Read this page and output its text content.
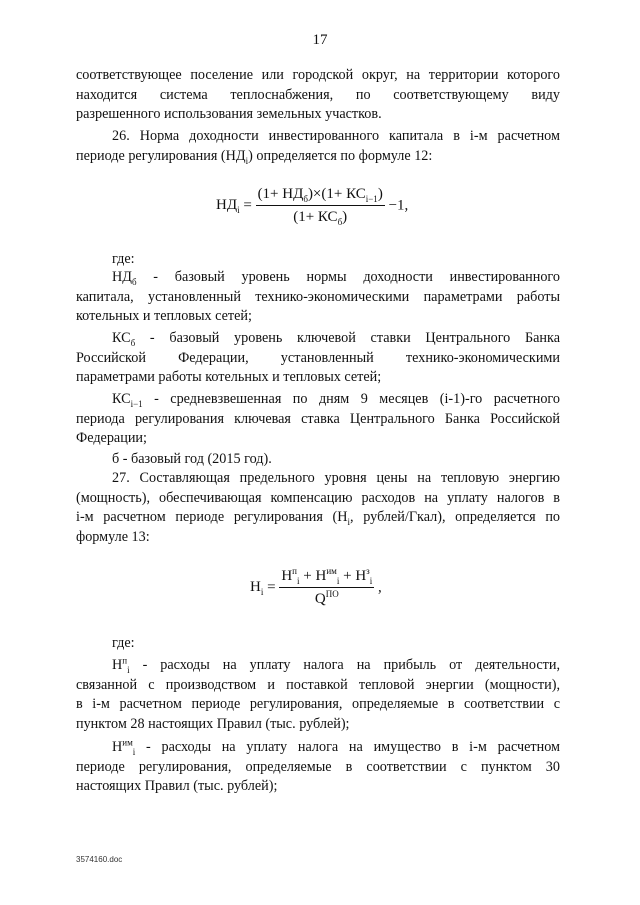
17

соответствующее поселение или городской округ, на территории которого

находится система теплоснабжения, по соответствующему виду

разрешенного использования земельных участков.

26. Норма доходности инвестированного капитала в i-м расчетном

периоде регулирования $(НД_i)$ определяется по формуле 12:

$НД_i = \frac{(1+ НД_б)\times(1+ КС_{i-1})}{(1+ КС_б)} -1$,
где:

$НД_б$ - базовый уровень нормы доходности инвестированного

капитала, установленный технико-экономическими параметрами работы

котельных и тепловых сетей;

$КС_б$ - базовый уровень ключевой ставки Центрального Банка

Российской Федерации, установленный технико-экономическими

параметрами работы котельных и тепловых сетей;

$КС_{i-1}$ - средневзвешенная по дням 9 месяцев (i-1)-го расчетного

периода регулирования ключевая ставка Центрального Банка Российской

Федерации;

б - базовый год (2015 год).

27. Составляющая предельного уровня цены на тепловую энергию

(мощность), обеспечивающая компенсацию расходов на уплату налогов в

i-м расчетном периоде регулирования ($Н_i$, рублей/Гкал), определяется по

формуле 13:

$Н_i = \frac{Н^п_i + Н^{им}_i + Н^з_i}{Q^{ПО}}$ ,
где:

$Н^п_i$ - расходы на уплату налога на прибыль от деятельности,

связанной с производством и поставкой тепловой энергии (мощности),

в i-м расчетном периоде регулирования, определяемые в соответствии с

пунктом 28 настоящих Правил (тыс. рублей);

$Н^{им}_i$ - расходы на уплату налога на имущество в i-м расчетном

периоде регулирования, определяемые в соответствии с пунктом 30

настоящих Правил (тыс. рублей);

3574160.doc
